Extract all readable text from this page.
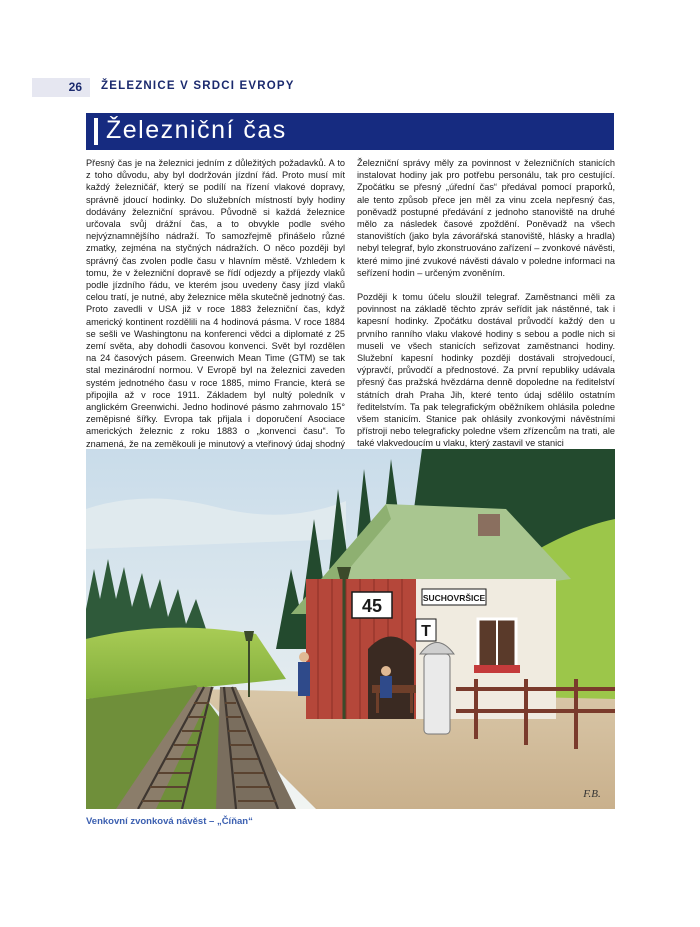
26 ŽELEZNICE V SRDCI EVROPY
Železniční čas

Přesný čas je na železnici jedním z důležitých požadavků. A to z toho důvodu, aby byl dodržován jízdní řád. Proto musí mít každý železničář, který se podílí na řízení vlakové dopravy, správně jdoucí hodinky. Do služebních místností byly hodiny dodávány železniční správou. Původně si každá železnice určovala svůj drážní čas, a to obvykle podle svého nejvýznamnějšího nádraží. To samozřejmě přinášelo různé zmatky, zejména na styčných nádražích. O něco později byl správný čas zvolen podle času v hlavním městě. Vzhledem k tomu, že v železniční dopravě se řídí odjezdy a příjezdy vlaků podle jízdního řádu, ve kterém jsou uvedeny časy jízd vlaků celou tratí, je nutné, aby železnice měla skutečně jednotný čas. Proto zavedli v USA již v roce 1883 železniční čas, když americký kontinent rozdělili na 4 hodinová pásma. V roce 1884 se sešli ve Washingtonu na konferenci vědci a diplomaté z 25 zemí světa, aby dohodli časovou konvenci. Svět byl rozdělen na 24 časových pásem. Greenwich Mean Time (GTM) se tak stal mezinárodní normou. V Evropě byl na železnici zaveden systém jednotného času v roce 1885, mimo Francie, která se připojila až v roce 1911. Základem byl nultý poledník v anglickém Greenwichi. Jedno hodinové pásmo zahrnovalo 15° zeměpisné šířky. Evropa tak přijala i doporučení Asociace amerických železnic z roku 1883 o „konvenci času“. To znamená, že na zeměkouli je minutový a vteřinový údaj shodný

Železniční správy měly za povinnost v železničních stanicích instalovat hodiny jak pro potřebu personálu, tak pro cestující. Zpočátku se přesný „úřední čas“ předával pomocí praporků, ale tento způsob přece jen měl za vinu zcela nepřesný čas, poněvadž postupné předávání z jednoho stanoviště na druhé mělo za následek časové zpoždění. Poněvadž na všech stanovištích (jako byla závorářská stanoviště, hlásky a hradla) nebyl telegraf, bylo zkonstruováno zařízení – zvonkové návěsti, které mimo jiné zvukové návěsti dávalo v poledne informaci na seřízení hodin – určeným zvoněním.

Později k tomu účelu sloužil telegraf. Zaměstnanci měli za povinnost na základě těchto zpráv seřídit jak nástěnné, tak i kapesní hodinky. Zpočátku dostával průvodčí každý den u prvního ranního vlaku vlakové hodiny s sebou a podle nich si museli ve všech stanicích seřizovat zaměstnanci hodiny. Služební kapesní hodinky později dostávali strojvedoucí, výpravčí, průvodčí a přednostové. Za první republiky udávala přesný čas pražská hvězdárna denně dopoledne na ředitelství státních drah Praha Jih, které tento údaj sdělilo ostatním ředitelstvím. Ta pak telegrafickým oběžníkem ohlásila poledne všem stanicím. Stanice pak ohlásily zvonkovými návěstními přístroji nebo telegraficky poledne všem zřízencům na trati, ale také vlakvedoucím u vlaku, který zastavil ve stanici

45	SUCHOVRŠICE
T
F.B.
Venkovní zvonková návěst – „Číňan“
